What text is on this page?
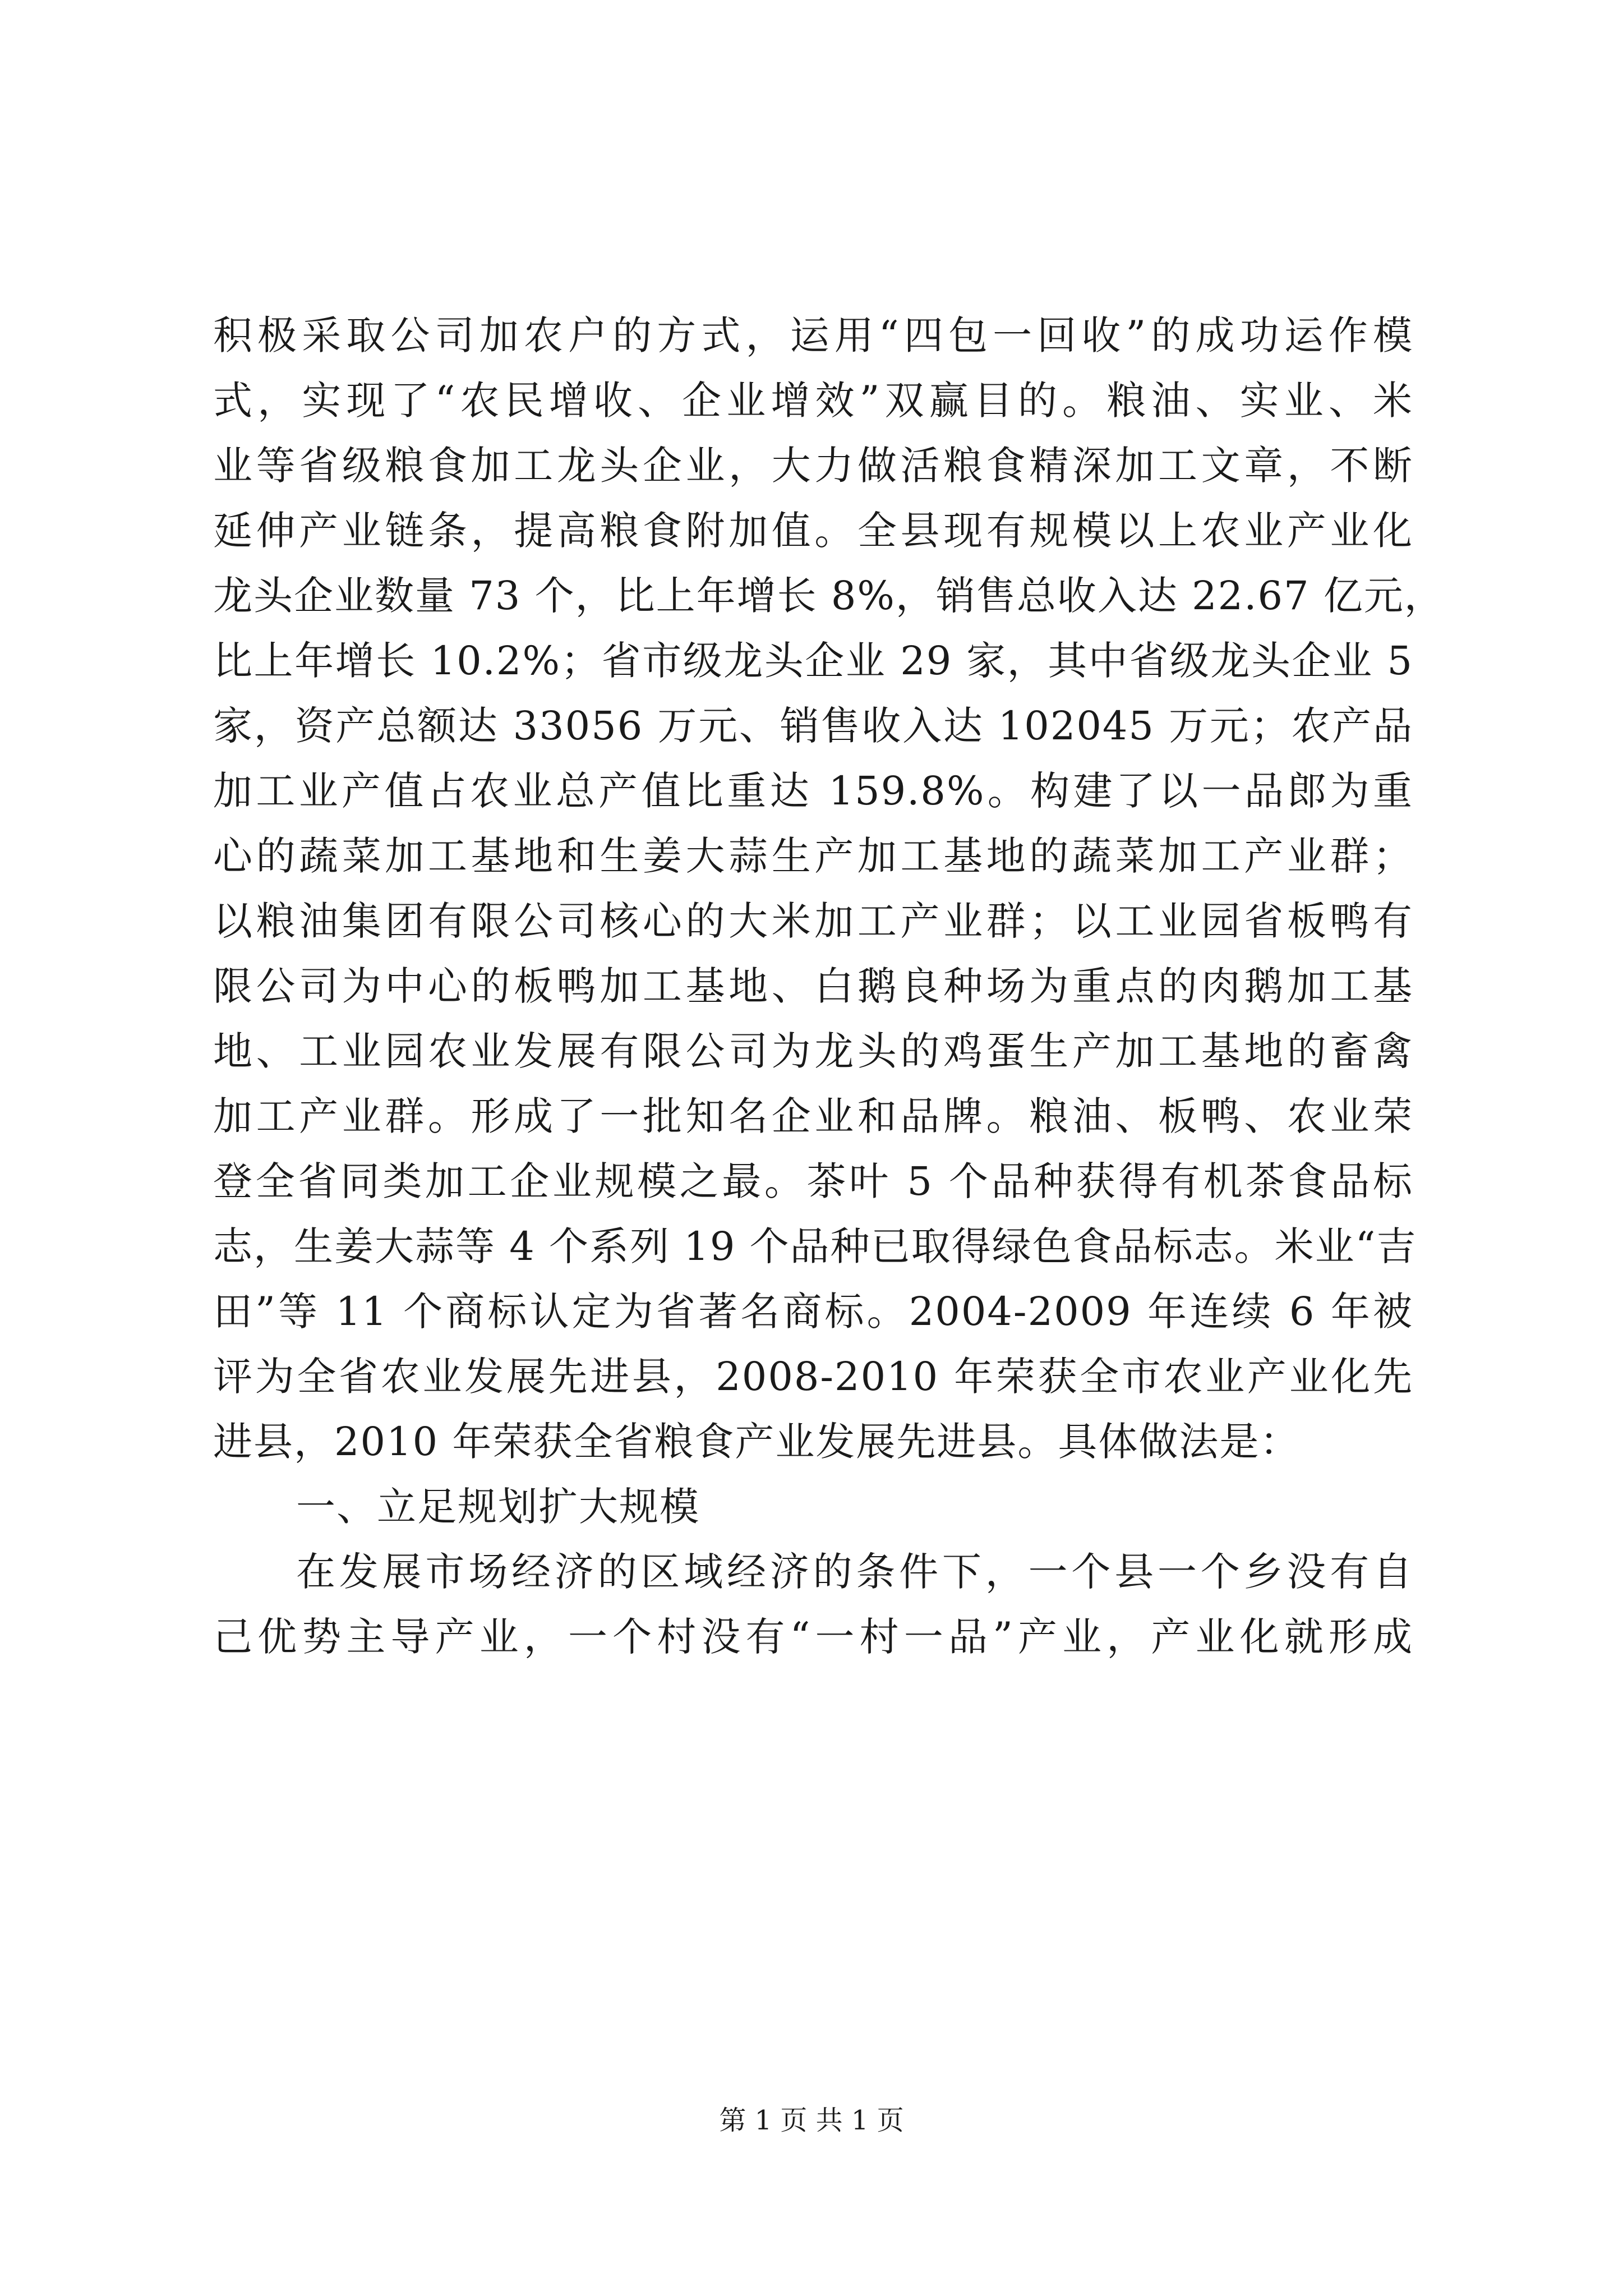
积极采取公司加农户的方式，运用“四包一回收”的成功运作模
式，实现了“农民增收、企业增效”双赢目的。粮油、实业、米
业等省级粮食加工龙头企业，大力做活粮食精深加工文章，不断
延伸产业链条，提高粮食附加值。全县现有规模以上农业产业化
龙头企业数量 73 个，比上年增长 8%，销售总收入达 22.67 亿元，
比上年增长 10.2%；省市级龙头企业 29 家，其中省级龙头企业 5
家，资产总额达 33056 万元、销售收入达 102045 万元；农产品
加工业产值占农业总产值比重达 159.8%。构建了以一品郎为重
心的蔬菜加工基地和生姜大蒜生产加工基地的蔬菜加工产业群；
以粮油集团有限公司核心的大米加工产业群；以工业园省板鸭有
限公司为中心的板鸭加工基地、白鹅良种场为重点的肉鹅加工基
地、工业园农业发展有限公司为龙头的鸡蛋生产加工基地的畜禽
加工产业群。形成了一批知名企业和品牌。粮油、板鸭、农业荣
登全省同类加工企业规模之最。茶叶 5 个品种获得有机茶食品标
志，生姜大蒜等 4 个系列 19 个品种已取得绿色食品标志。米业“吉
田”等 11 个商标认定为省著名商标。2004-2009 年连续 6 年被
评为全省农业发展先进县，2008-2010 年荣获全市农业产业化先
进县，2010 年荣获全省粮食产业发展先进县。具体做法是：
一、立足规划扩大规模
在发展市场经济的区域经济的条件下，一个县一个乡没有自
己优势主导产业，一个村没有“一村一品”产业，产业化就形成
第 1 页 共 1 页
